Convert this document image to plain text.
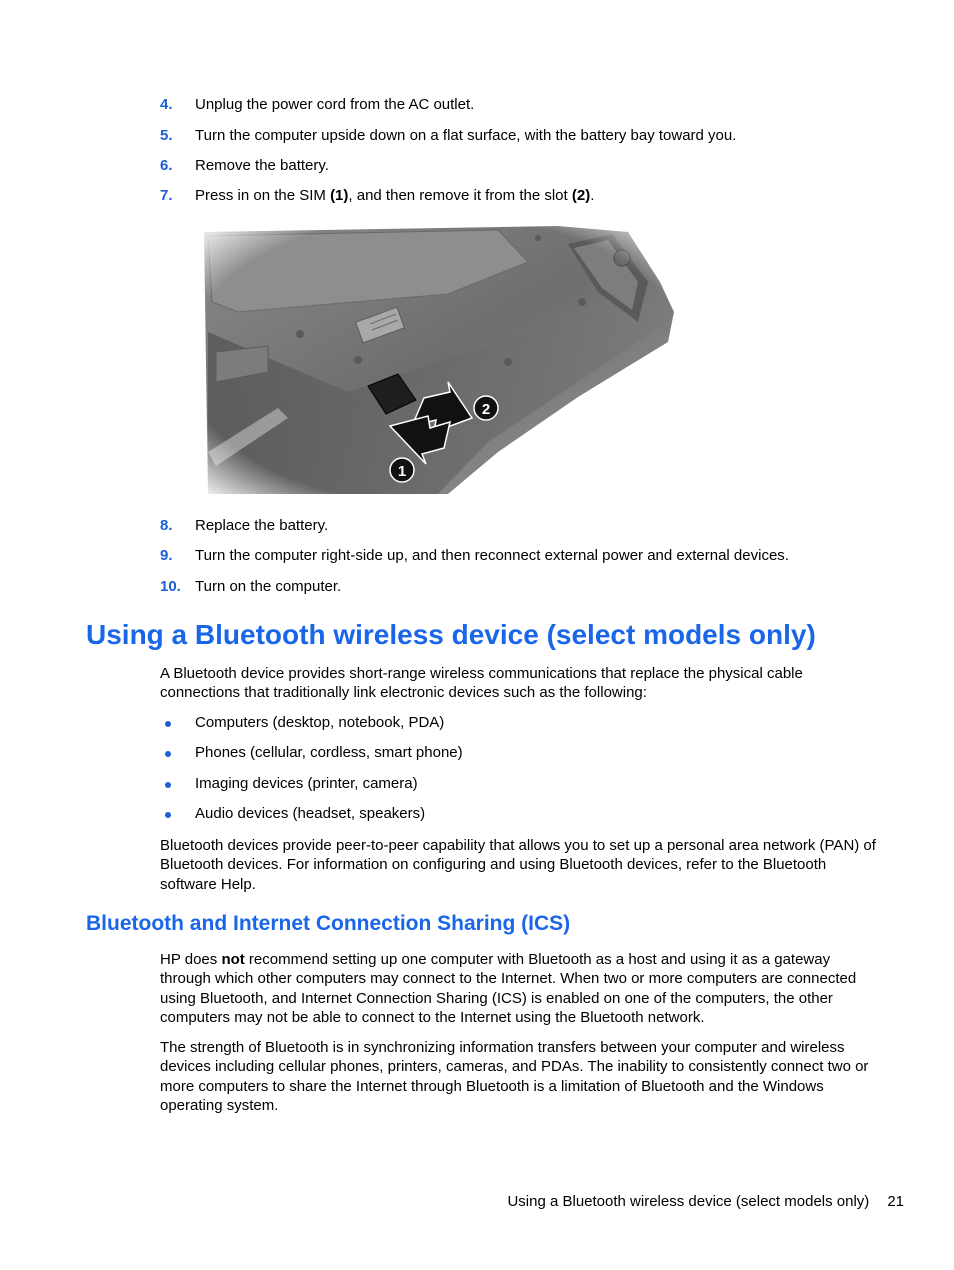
4. Unplug the power cord from the AC outlet.
5. Turn the computer upside down on a flat surface, with the battery bay toward you.
6. Remove the battery.
7. Press in on the SIM (1), and then remove it from the slot (2).
8. Replace the battery.
9. Turn the computer right-side up, and then reconnect external power and external devices.
10. Turn on the computer.
Using a Bluetooth wireless device (select models only)
A Bluetooth device provides short-range wireless communications that replace the physical cable connections that traditionally link electronic devices such as the following:
Computers (desktop, notebook, PDA)
Phones (cellular, cordless, smart phone)
Imaging devices (printer, camera)
Audio devices (headset, speakers)
Bluetooth devices provide peer-to-peer capability that allows you to set up a personal area network (PAN) of Bluetooth devices. For information on configuring and using Bluetooth devices, refer to the Bluetooth software Help.
Bluetooth and Internet Connection Sharing (ICS)
HP does not recommend setting up one computer with Bluetooth as a host and using it as a gateway through which other computers may connect to the Internet. When two or more computers are connected using Bluetooth, and Internet Connection Sharing (ICS) is enabled on one of the computers, the other computers may not be able to connect to the Internet using the Bluetooth network.
The strength of Bluetooth is in synchronizing information transfers between your computer and wireless devices including cellular phones, printers, cameras, and PDAs. The inability to consistently connect two or more computers to share the Internet through Bluetooth is a limitation of Bluetooth and the Windows operating system.
Using a Bluetooth wireless device (select models only) 21
